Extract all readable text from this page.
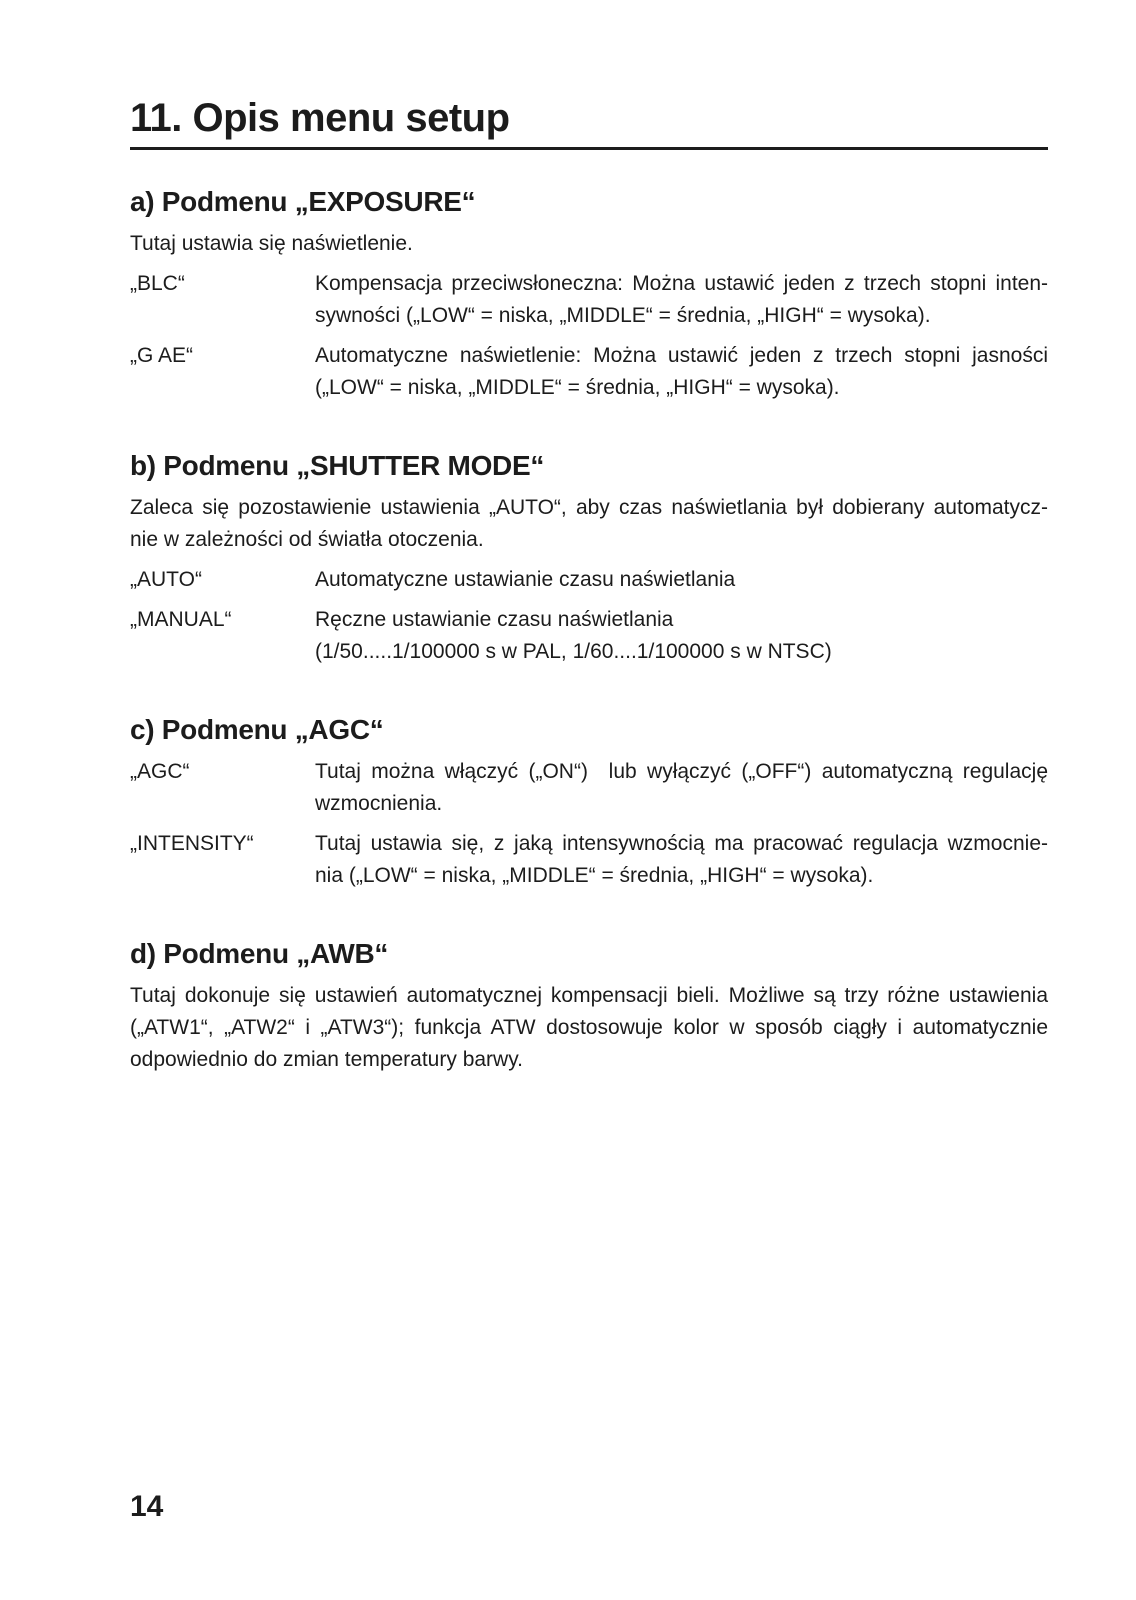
11. Opis menu setup
a) Podmenu „EXPOSURE“

Tutaj ustawia się naświetlenie.

„BLC“	Kompensacja przeciwsłoneczna: Można ustawić jeden z trzech stopni inten-
sywności („LOW“ = niska, „MIDDLE“ = średnia, „HIGH“ = wysoka).
„G AE“	Automatyczne naświetlenie: Można ustawić jeden z trzech stopni jasności
(„LOW“ = niska, „MIDDLE“ = średnia, „HIGH“ = wysoka).
b) Podmenu „SHUTTER MODE“

Zaleca się pozostawienie ustawienia „AUTO“, aby czas naświetlania był dobierany automatycz-
nie w zależności od światła otoczenia.

„AUTO“	Automatyczne ustawianie czasu naświetlania
„MANUAL“	Ręczne ustawianie czasu naświetlania
(1/50.....1/100000 s w PAL, 1/60....1/100000 s w NTSC)
c) Podmenu „AGC“
„AGC“	Tutaj można włączyć („ON“)  lub wyłączyć („OFF“) automatyczną regulację
wzmocnienia.
„INTENSITY“	Tutaj ustawia się, z jaką intensywnością ma pracować regulacja wzmocnie-
nia („LOW“ = niska, „MIDDLE“ = średnia, „HIGH“ = wysoka).
d) Podmenu „AWB“

Tutaj dokonuje się ustawień automatycznej kompensacji bieli. Możliwe są trzy różne ustawienia
(„ATW1“, „ATW2“ i „ATW3“); funkcja ATW dostosowuje kolor w sposób ciągły i automatycznie
odpowiednio do zmian temperatury barwy.

14
